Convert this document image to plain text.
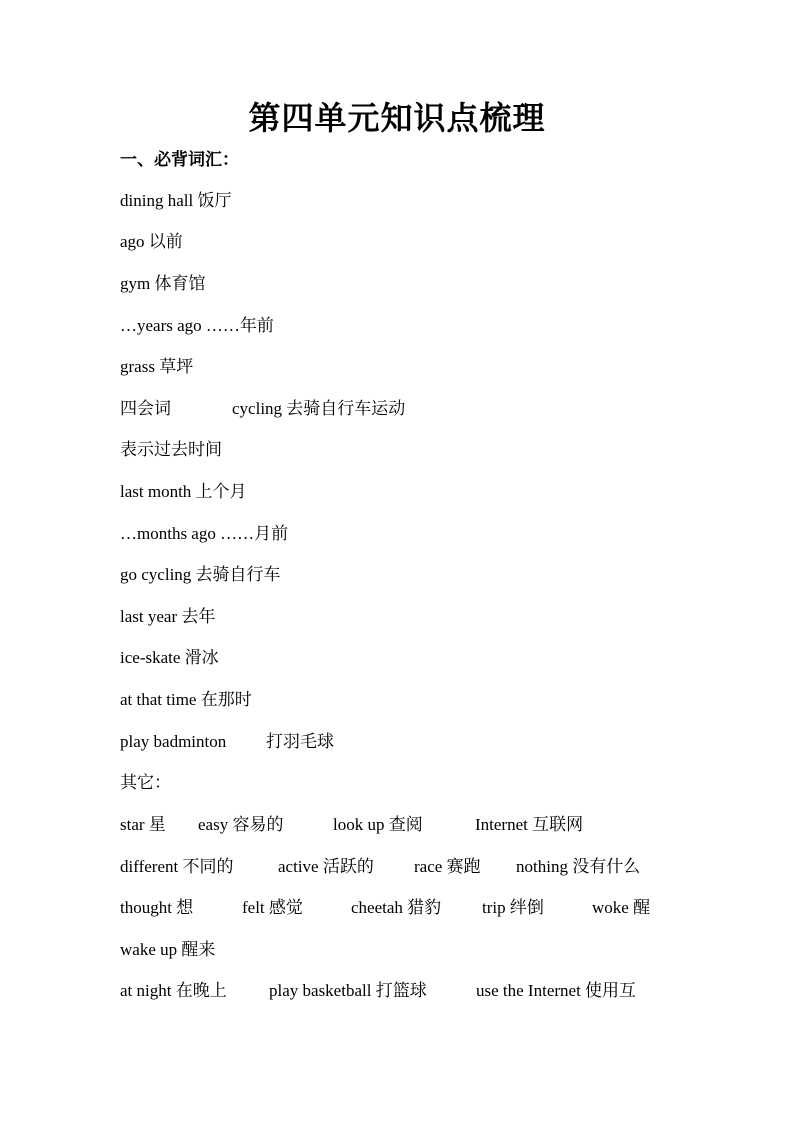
第四单元知识点梳理
一、必背词汇：
dining hall 饭厅
ago 以前
gym 体育馆
…years ago ……年前
grass 草坪
四会词	cycling 去骑自行车运动
表示过去时间
last month 上个月
…months ago ……月前
go cycling 去骑自行车
last year 去年
ice-skate 滑冰
at that time 在那时
play badminton 打羽毛球
其它：
star 星 easy 容易的	look up 查阅	Internet 互联网
different 不同的	active 活跃的 race 赛跑 nothing 没有什么
thought 想	felt 感觉	cheetah 猎豹 trip 绊倒	woke 醒
wake up 醒来
at night 在晚上 play basketball 打篮球	use the Internet 使用互
